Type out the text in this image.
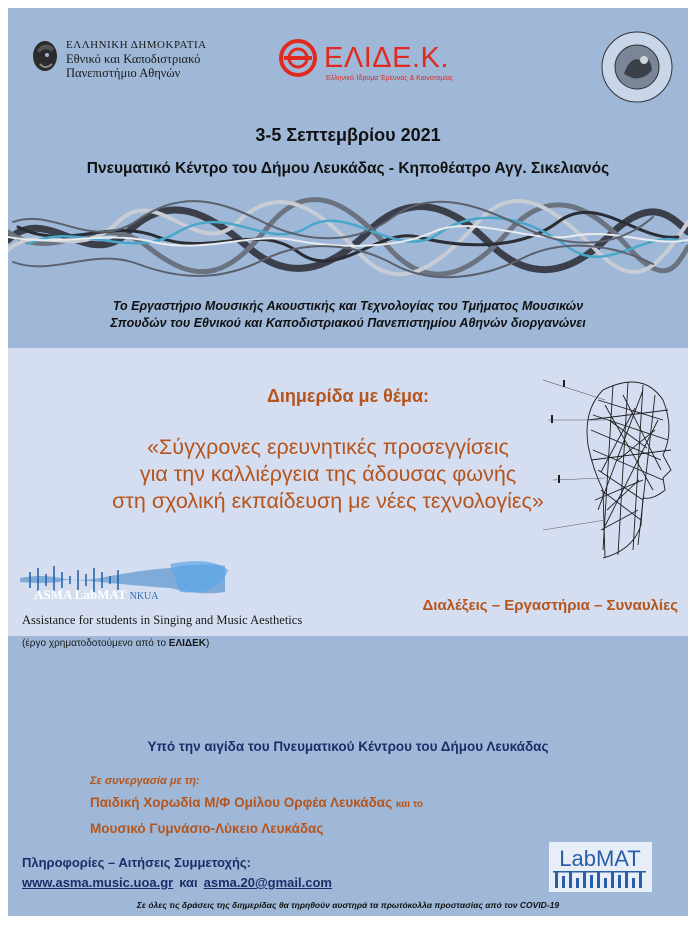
ΕΛΛΗΝΙΚΗ ΔΗΜΟΚΡΑΤΙΑ
Εθνικό και Καποδιστριακό
Πανεπιστήμιο Αθηνών	ΕΛΙΔΕ.Κ.
Ελληνικό Ίδρυμα Έρευνας & Καινοτομίας
3-5 Σεπτεμβρίου 2021
Πνευματικό Κέντρο του Δήμου Λευκάδας - Κηποθέατρο Αγγ. Σικελιανός
Το Εργαστήριο Μουσικής Ακουστικής και Τεχνολογίας του Τμήματος Μουσικών
Σπουδών του Εθνικού και Καποδιστριακού Πανεπιστημίου Αθηνών διοργανώνει
Διημερίδα με θέμα:
«Σύγχρονες ερευνητικές προσεγγίσεις
για την καλλιέργεια της άδουσας φωνής
στη σχολική εκπαίδευση με νέες τεχνολογίες»
ASMA LabMAT NKUA
Διαλέξεις – Εργαστήρια – Συναυλίες
Assistance for students in Singing and Music Aesthetics
(έργο χρηματοδοτούμενο από το ΕΛΙΔΕΚ)
Υπό την αιγίδα του Πνευματικού Κέντρου του Δήμου Λευκάδας
Σε συνεργασία με τη:
Παιδική Χορωδία Μ/Φ Ομίλου Ορφέα Λευκάδας και το
Μουσικό Γυμνάσιο-Λύκειο Λευκάδας
Πληροφορίες – Αιτήσεις Συμμετοχής:
www.asma.music.uoa.gr και asma.20@gmail.com
LabMAT
Σε όλες τις δράσεις της διημερίδας θα τηρηθούν αυστηρά τα πρωτόκολλα προστασίας από τον COVID-19
